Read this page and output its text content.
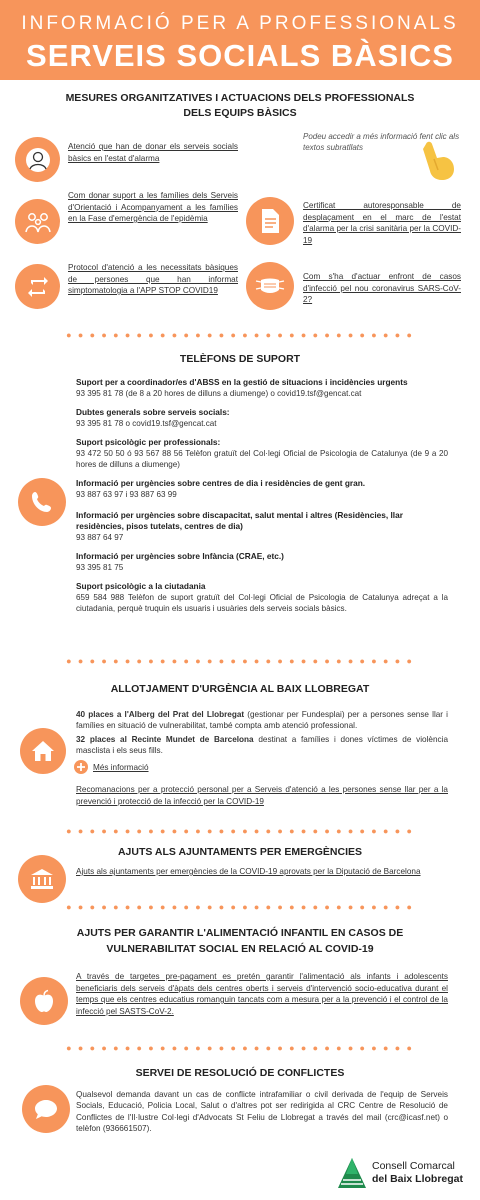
INFORMACIÓ PER A PROFESSIONALS
SERVEIS SOCIALS BÀSICS
MESURES ORGANITZATIVES I ACTUACIONS DELS PROFESSIONALS
DELS EQUIPS BÀSICS
Podeu accedir a més informació fent clic als textos subratllats
Atenció que han de donar els serveis socials bàsics en l'estat d'alarma
Com donar suport a les famílies dels Serveis d'Orientació i Acompanyament a les famílies en la Fase d'emergència de l'epidèmia
Protocol d'atenció a les necessitats bàsiques de persones que han informat simptomatologia a l'APP STOP COVID19
Certificat autoresponsable de desplaçament en el marc de l'estat d'alarma per la crisi sanitària per la COVID-19
Com s'ha d'actuar enfront de casos d'infecció pel nou coronavirus SARS-CoV-2?
● ● ● ● ● ● ● ● ● ● ● ● ● ● ● ● ● ● ● ● ● ● ● ● ● ● ● ● ● ●
TELÈFONS DE SUPORT
Suport per a coordinador/es d'ABSS en la gestió de situacions i incidències urgents
93 395 81 78 (de 8 a 20 hores de dilluns a diumenge) o covid19.tsf@gencat.cat
Dubtes generals sobre serveis socials:
93 395 81 78 o covid19.tsf@gencat.cat
Suport psicològic per professionals:
93 472 50 50 ó 93 567 88 56 Telèfon gratuït del Col·legi Oficial de Psicologia de Catalunya (de 9 a 20 hores de dilluns a diumenge)
Informació per urgències sobre centres de dia i residències de gent gran.
93 887 63 97 i 93 887 63 99
Informació per urgències sobre discapacitat, salut mental i altres (Residències, llar residències, pisos tutelats, centres de dia)
93 887 64 97
Informació per urgències sobre Infància (CRAE, etc.)
93 395 81 75
Suport psicològic a la ciutadania
659 584 988 Telèfon de suport gratuït del Col·legi Oficial de Psicologia de Catalunya adreçat a la ciutadania, perquè truquin els usuaris i usuàries dels serveis socials bàsics.
● ● ● ● ● ● ● ● ● ● ● ● ● ● ● ● ● ● ● ● ● ● ● ● ● ● ● ● ● ●
ALLOTJAMENT D'URGÈNCIA AL BAIX LLOBREGAT
40 places a l'Alberg del Prat del Llobregat (gestionar per Fundesplai) per a persones sense llar i famílies en situació de vulnerabilitat, també compta amb atenció professional.
32 places al Recinte Mundet de Barcelona destinat a famílies i dones víctimes de violència masclista i els seus fills.
Més informació
Recomanacions per a protecció personal per a Serveis d'atenció a les persones sense llar per a la prevenció i protecció de la infecció per la COVID-19
● ● ● ● ● ● ● ● ● ● ● ● ● ● ● ● ● ● ● ● ● ● ● ● ● ● ● ● ● ●
AJUTS ALS AJUNTAMENTS PER EMERGÈNCIES
Ajuts als ajuntaments per emergències de la COVID-19 aprovats per la Diputació de Barcelona
● ● ● ● ● ● ● ● ● ● ● ● ● ● ● ● ● ● ● ● ● ● ● ● ● ● ● ● ● ●
AJUTS PER GARANTIR L'ALIMENTACIÓ INFANTIL EN CASOS DE
VULNERABILITAT SOCIAL EN RELACIÓ AL COVID-19
A través de targetes pre-pagament es pretén garantir l'alimentació als infants i adolescents beneficiaris dels serveis d'àpats dels centres oberts i serveis d'intervenció socio-educativa durant el temps que els centres educatius romanguin tancats com a mesura per a la prevenció i el control de la infecció pel SASTS-CoV-2.
● ● ● ● ● ● ● ● ● ● ● ● ● ● ● ● ● ● ● ● ● ● ● ● ● ● ● ● ● ●
SERVEI DE RESOLUCIÓ DE CONFLICTES
Qualsevol demanda davant un cas de conflicte intrafamiliar o civil derivada de l'equip de Serveis Socials, Educació, Policia Local, Salut o d'altres pot ser redirigida al CRC Centre de Resolució de Conflictes de l'Il·lustre Col·legi d'Advocats St Feliu de Llobregat a través del mail (crc@icasf.net) o telèfon (936661507).
Consell Comarcal
del Baix Llobregat
